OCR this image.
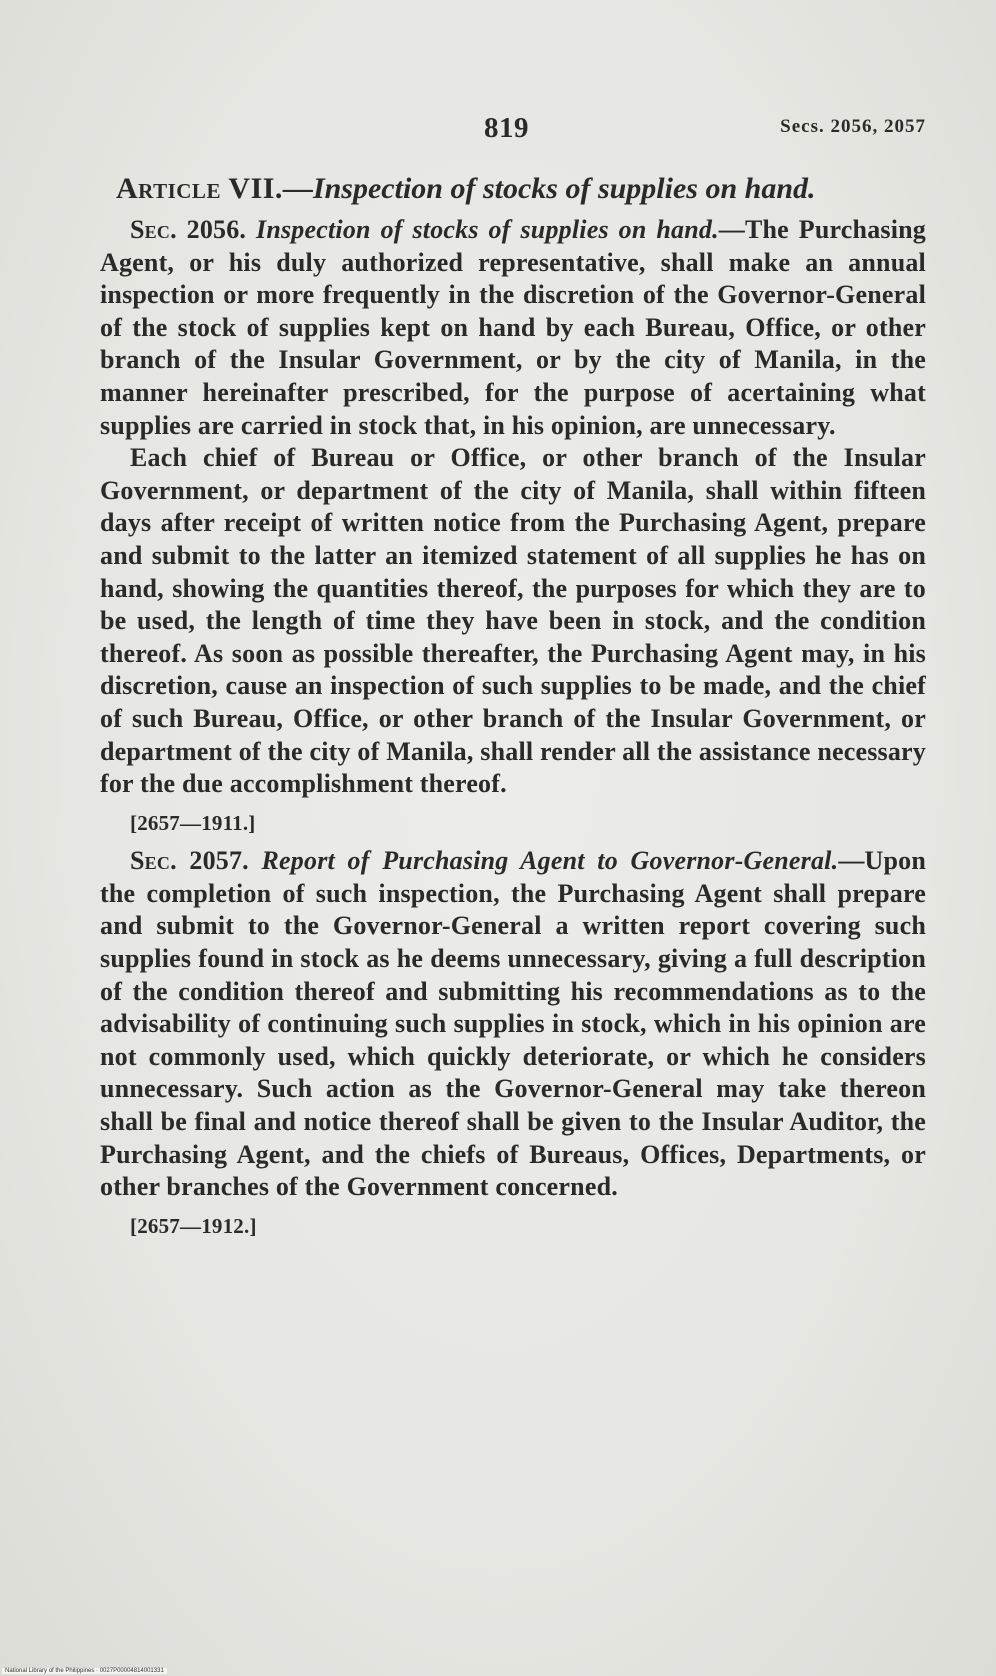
819	Secs. 2056, 2057
Article VII.—Inspection of stocks of supplies on hand.

Sec. 2056. Inspection of stocks of supplies on hand.—The Purchasing Agent, or his duly authorized representative, shall make an annual inspection or more frequently in the discretion of the Governor-General of the stock of supplies kept on hand by each Bureau, Office, or other branch of the Insular Government, or by the city of Manila, in the manner hereinafter prescribed, for the purpose of acertaining what supplies are carried in stock that, in his opinion, are unnecessary.

Each chief of Bureau or Office, or other branch of the Insular Government, or department of the city of Manila, shall within fifteen days after receipt of written notice from the Purchasing Agent, prepare and submit to the latter an itemized statement of all supplies he has on hand, showing the quantities thereof, the purposes for which they are to be used, the length of time they have been in stock, and the condition thereof. As soon as possible thereafter, the Purchasing Agent may, in his discretion, cause an inspection of such supplies to be made, and the chief of such Bureau, Office, or other branch of the Insular Government, or department of the city of Manila, shall render all the assistance necessary for the due accomplishment thereof.

[2657—1911.]

Sec. 2057. Report of Purchasing Agent to Governor-General.—Upon the completion of such inspection, the Purchasing Agent shall prepare and submit to the Governor-General a written report covering such supplies found in stock as he deems unnecessary, giving a full description of the condition thereof and submitting his recommendations as to the advisability of continuing such supplies in stock, which in his opinion are not commonly used, which quickly deteriorate, or which he considers unnecessary. Such action as the Governor-General may take thereon shall be final and notice thereof shall be given to the Insular Auditor, the Purchasing Agent, and the chiefs of Bureaus, Offices, Departments, or other branches of the Government concerned.

[2657—1912.]

National Library of the Philippines · 0027P00004814001331
